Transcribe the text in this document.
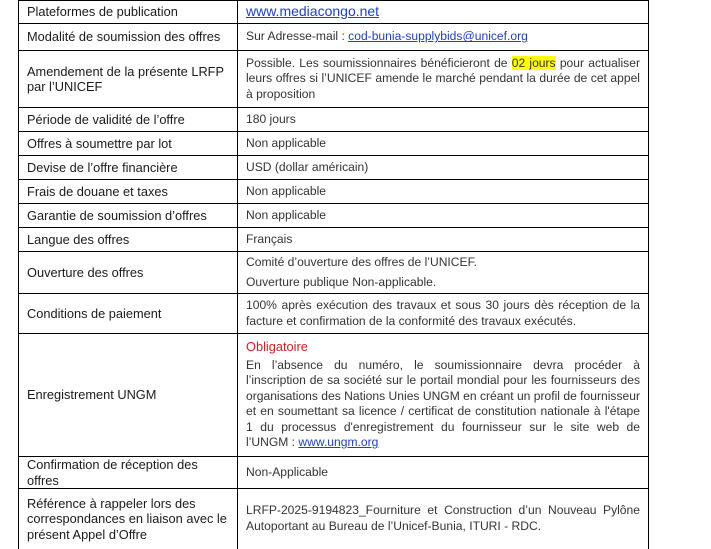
Plateformes de publication	www.mediacongo.net
Modalité de soumission des offres	Sur Adresse-mail : cod-bunia-supplybids@unicef.org
Amendement de la présente LRFP par l’UNICEF	Possible. Les soumissionnaires bénéficieront de 02 jours pour actualiser leurs offres si l’UNICEF amende le marché pendant la durée de cet appel à proposition
Période de validité de l’offre	180 jours
Offres à soumettre par lot	Non applicable
Devise de l’offre financière	USD (dollar américain)
Frais de douane et taxes	Non applicable
Garantie de soumission d’offres	Non applicable
Langue des offres	Français
Ouverture des offres	Comité d’ouverture des offres de l’UNICEF.

Ouverture publique Non-applicable.

Conditions de paiement	100% après exécution des travaux et sous 30 jours dès réception de la facture et confirmation de la conformité des travaux exécutés.
Enregistrement UNGM	Obligatoire

En l’absence du numéro, le soumissionnaire devra procéder à l’inscription de sa société sur le portail mondial pour les fournisseurs des organisations des Nations Unies UNGM en créant un profil de fournisseur et en soumettant sa licence / certificat de constitution nationale à l'étape 1 du processus d'enregistrement du fournisseur sur le site web de l’UNGM : www.ungm.org

Confirmation de réception des offres	Non-Applicable
Référence à rappeler lors des correspondances en liaison avec le présent Appel d’Offre	LRFP-2025-9194823_Fourniture et Construction d’un Nouveau Pylône Autoportant au Bureau de l’Unicef-Bunia, ITURI - RDC.
